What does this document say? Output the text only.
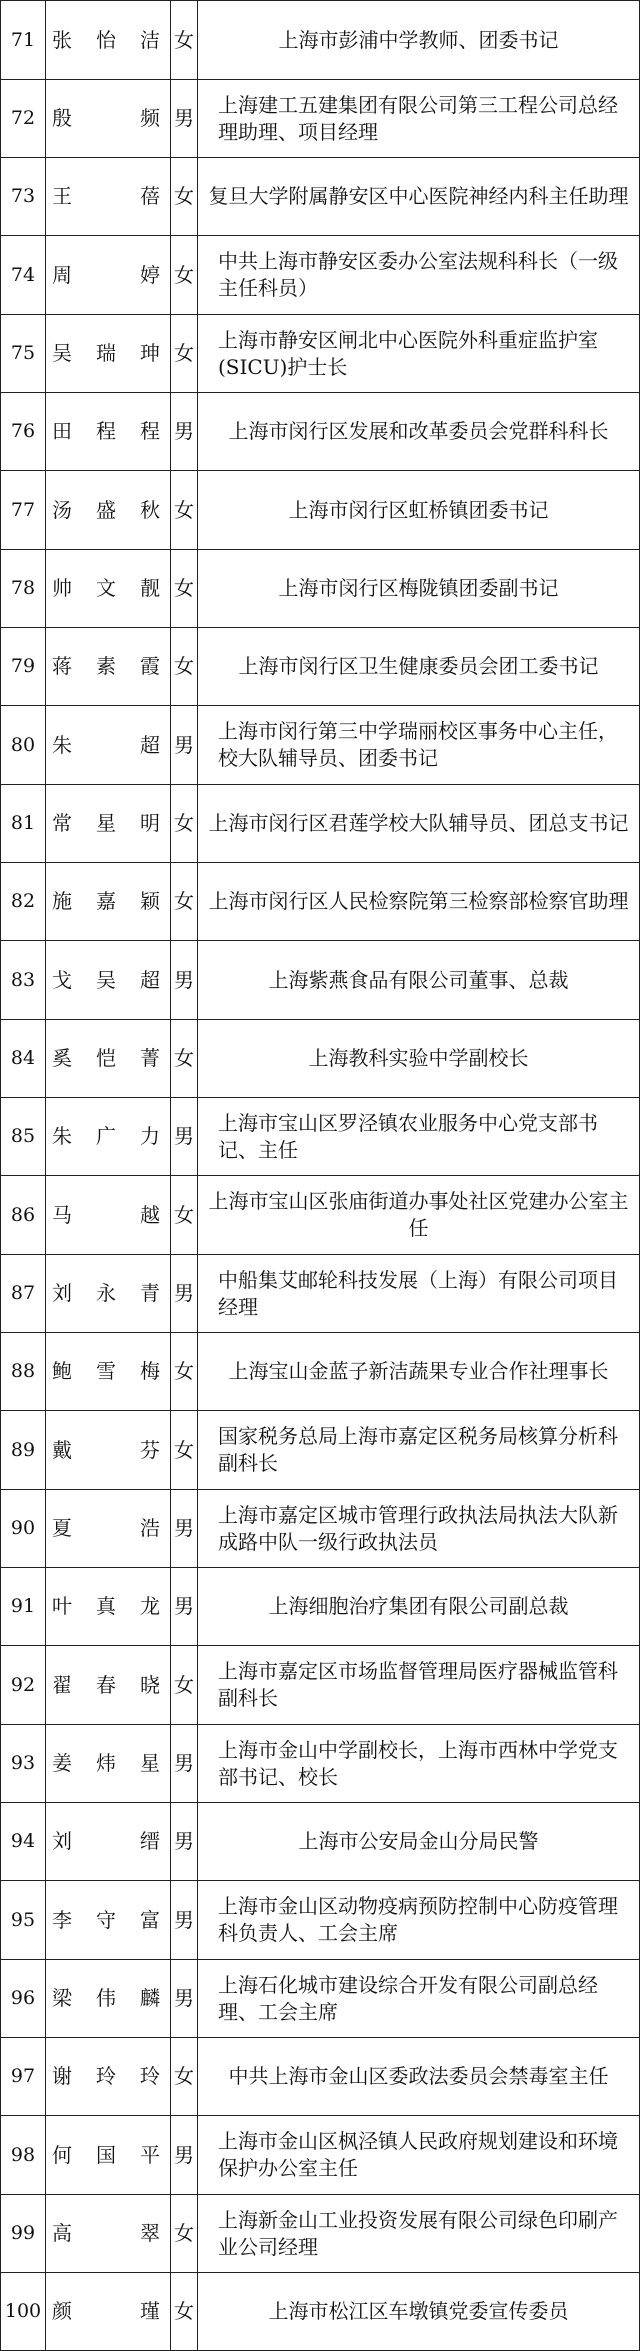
71	张怡洁	女	上海市彭浦中学教师、团委书记
72	殷　频	男	上海建工五建集团有限公司第三工程公司总经理助理、项目经理
73	王　蓓	女	复旦大学附属静安区中心医院神经内科主任助理
74	周　婷	女	中共上海市静安区委办公室法规科科长（一级主任科员）
75	吴瑞珅	女	上海市静安区闸北中心医院外科重症监护室(SICU)护士长
76	田程程	男	上海市闵行区发展和改革委员会党群科科长
77	汤盛秋	女	上海市闵行区虹桥镇团委书记
78	帅文靓	女	上海市闵行区梅陇镇团委副书记
79	蒋素霞	女	上海市闵行区卫生健康委员会团工委书记
80	朱　超	男	上海市闵行第三中学瑞丽校区事务中心主任，校大队辅导员、团委书记
81	常星明	女	上海市闵行区君莲学校大队辅导员、团总支书记
82	施嘉颖	女	上海市闵行区人民检察院第三检察部检察官助理
83	戈吴超	男	上海紫燕食品有限公司董事、总裁
84	奚恺菁	女	上海教科实验中学副校长
85	朱广力	男	上海市宝山区罗泾镇农业服务中心党支部书记、主任
86	马　越	女	上海市宝山区张庙街道办事处社区党建办公室主任
87	刘永青	男	中船集艾邮轮科技发展（上海）有限公司项目经理
88	鲍雪梅	女	上海宝山金蓝子新洁蔬果专业合作社理事长
89	戴　芬	女	国家税务总局上海市嘉定区税务局核算分析科副科长
90	夏　浩	男	上海市嘉定区城市管理行政执法局执法大队新成路中队一级行政执法员
91	叶真龙	男	上海细胞治疗集团有限公司副总裁
92	翟春晓	女	上海市嘉定区市场监督管理局医疗器械监管科副科长
93	姜炜星	男	上海市金山中学副校长，上海市西林中学党支部书记、校长
94	刘　缙	男	上海市公安局金山分局民警
95	李守富	男	上海市金山区动物疫病预防控制中心防疫管理科负责人、工会主席
96	梁伟麟	男	上海石化城市建设综合开发有限公司副总经理、工会主席
97	谢玲玲	女	中共上海市金山区委政法委员会禁毒室主任
98	何国平	男	上海市金山区枫泾镇人民政府规划建设和环境保护办公室主任
99	高　翠	女	上海新金山工业投资发展有限公司绿色印刷产业公司经理
100	颜　瑾	女	上海市松江区车墩镇党委宣传委员
